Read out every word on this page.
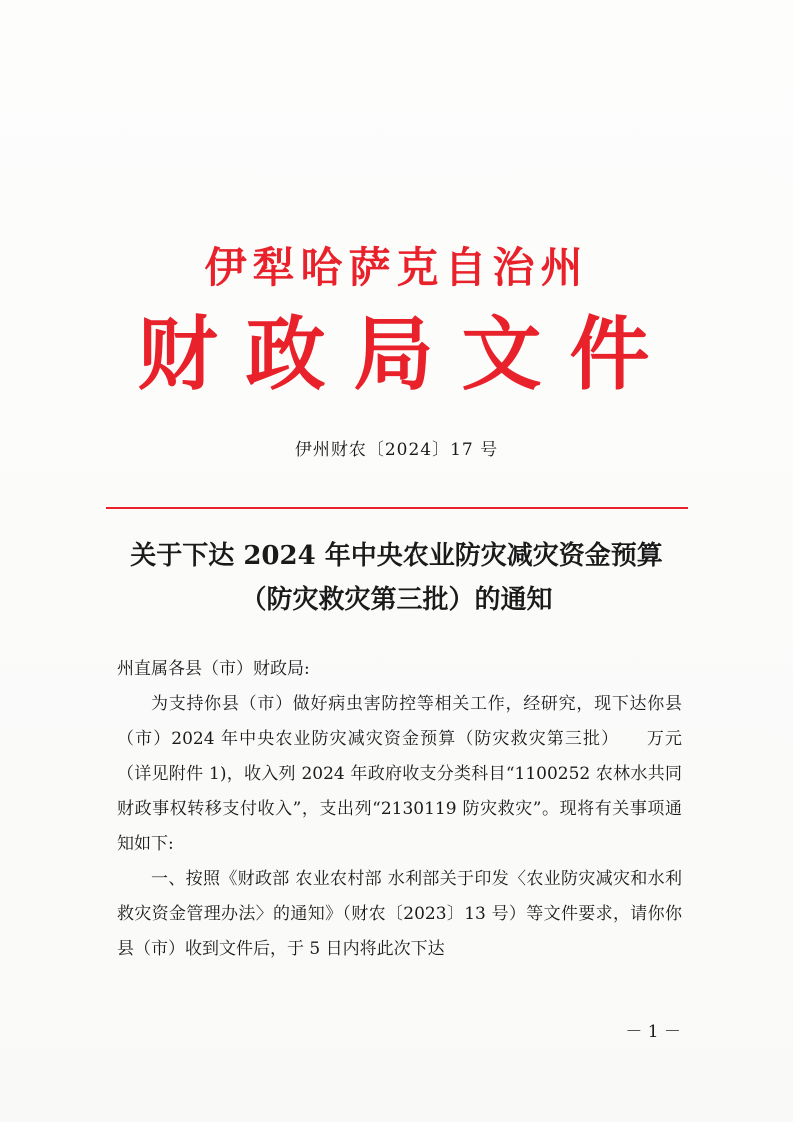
伊犁哈萨克自治州
财政局文件
伊州财农〔2024〕17 号
关于下达 2024 年中央农业防灾减灾资金预算
（防灾救灾第三批）的通知

州直属各县（市）财政局:

为支持你县（市）做好病虫害防控等相关工作，经研究，现下达你县（市）2024 年中央农业防灾减灾资金预算（防灾救灾第三批）　　万元（详见附件 1)，收入列 2024 年政府收支分类科目“1100252 农林水共同财政事权转移支付收入”，支出列“2130119 防灾救灾”。现将有关事项通知如下:

一、按照《财政部 农业农村部 水利部关于印发〈农业防灾减灾和水利救灾资金管理办法〉的通知》（财农〔2023〕13 号）等文件要求，请你你县（市）收到文件后，于 5 日内将此次下达

－ 1 －
